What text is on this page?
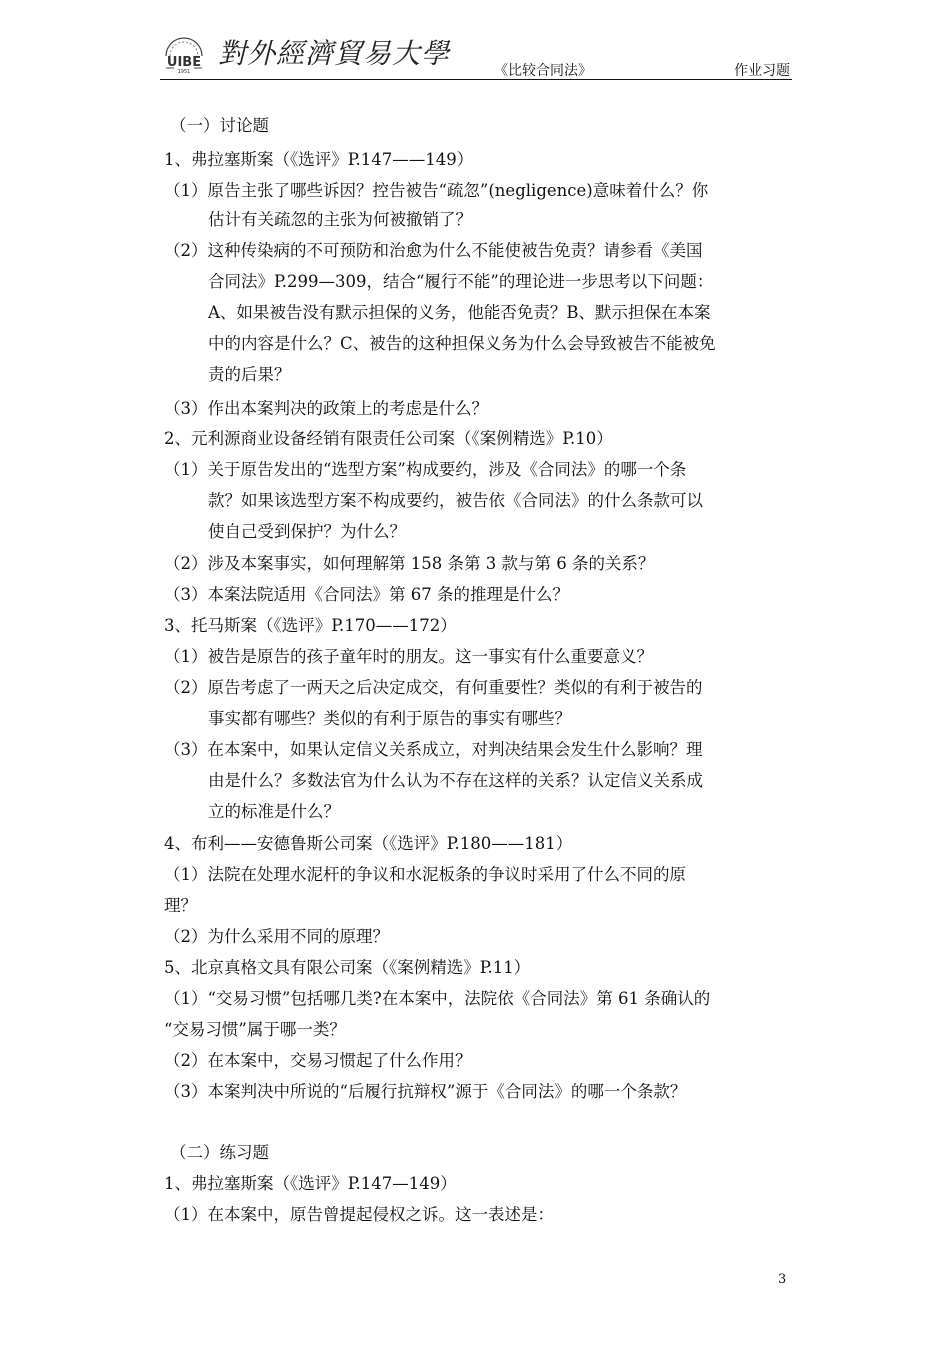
UIBE
1951
對外經濟貿易大學
《比较合同法》	作业习题
（一）讨论题
1、弗拉塞斯案（《选评》P.147——149）
（1）原告主张了哪些诉因？控告被告“疏忽”(negligence)意味着什么？你
估计有关疏忽的主张为何被撤销了？
（2）这种传染病的不可预防和治愈为什么不能使被告免责？请参看《美国
合同法》P.299—309，结合“履行不能”的理论进一步思考以下问题：
A、如果被告没有默示担保的义务，他能否免责？B、默示担保在本案
中的内容是什么？C、被告的这种担保义务为什么会导致被告不能被免
责的后果？
（3）作出本案判决的政策上的考虑是什么？
2、元利源商业设备经销有限责任公司案（《案例精选》P.10）
（1）关于原告发出的“选型方案”构成要约，涉及《合同法》的哪一个条
款？如果该选型方案不构成要约，被告依《合同法》的什么条款可以
使自己受到保护？为什么？
（2）涉及本案事实，如何理解第 158 条第 3 款与第 6 条的关系？
（3）本案法院适用《合同法》第 67 条的推理是什么？
3、托马斯案（《选评》P.170——172）
（1）被告是原告的孩子童年时的朋友。这一事实有什么重要意义？
（2）原告考虑了一两天之后决定成交，有何重要性？类似的有利于被告的
事实都有哪些？类似的有利于原告的事实有哪些？
（3）在本案中，如果认定信义关系成立，对判决结果会发生什么影响？理
由是什么？多数法官为什么认为不存在这样的关系？认定信义关系成
立的标准是什么？
4、布利——安德鲁斯公司案（《选评》P.180——181）
（1）法院在处理水泥杆的争议和水泥板条的争议时采用了什么不同的原
理？
（2）为什么采用不同的原理？
5、北京真格文具有限公司案（《案例精选》P.11）
（1）“交易习惯”包括哪几类?在本案中，法院依《合同法》第 61 条确认的
“交易习惯”属于哪一类？
（2）在本案中，交易习惯起了什么作用？
（3）本案判决中所说的“后履行抗辩权”源于《合同法》的哪一个条款？
（二）练习题
1、弗拉塞斯案（《选评》P.147—149）
（1）在本案中，原告曾提起侵权之诉。这一表述是：
3
